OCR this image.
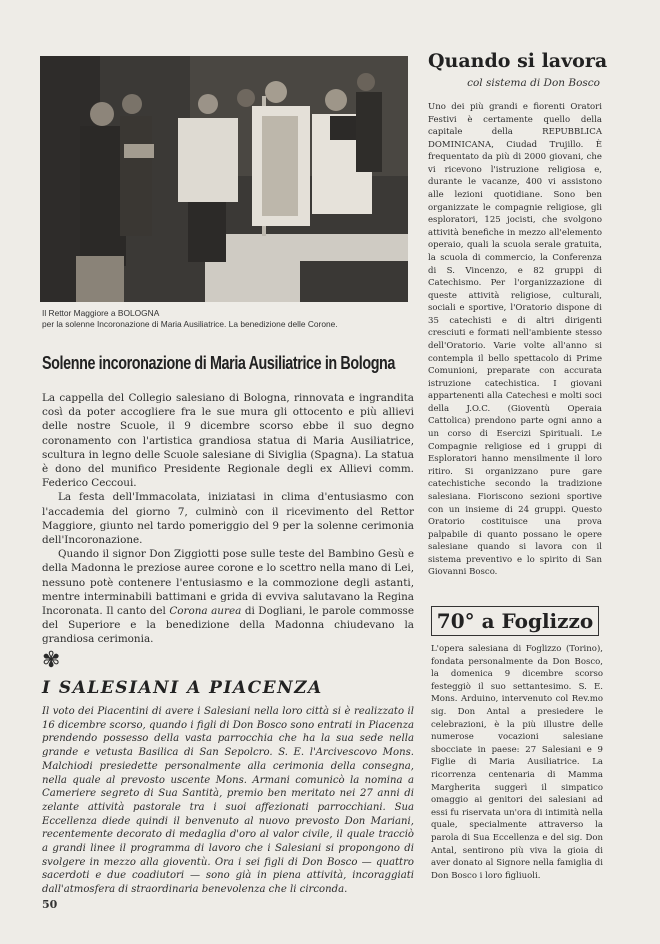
Il Rettor Maggiore a BOLOGNA
per la solenne Incoronazione di Maria Ausiliatrice. La benedizione delle Corone.
Solenne incoronazione di Maria Ausiliatrice in Bologna

La cappella del Collegio salesiano di Bologna, rinnovata e ingrandita così da poter accogliere fra le sue mura gli ottocento e più allievi delle nostre Scuole, il 9 dicembre scorso ebbe il suo degno coronamento con l'artistica grandiosa statua di Maria Ausiliatrice, scultura in legno delle Scuole salesiane di Siviglia (Spagna). La statua è dono del munifico Presidente Regionale degli ex Allievi comm. Federico Ceccoui.

La festa dell'Immacolata, iniziatasi in clima d'entusiasmo con l'accademia del giorno 7, culminò con il ricevimento del Rettor Maggiore, giunto nel tardo pomeriggio del 9 per la solenne cerimonia dell'Incoronazione.

Quando il signor Don Ziggiotti pose sulle teste del Bambino Gesù e della Madonna le preziose auree corone e lo scettro nella mano di Lei, nessuno potè contenere l'entusiasmo e la commozione degli astanti, mentre interminabili battimani e grida di evviva salutavano la Regina Incoronata. Il canto del Corona aurea di Dogliani, le parole commosse del Superiore e la benedizione della Madonna chiudevano la grandiosa cerimonia.

✾
I SALESIANI A PIACENZA

Il voto dei Piacentini di avere i Salesiani nella loro città si è realizzato il 16 dicembre scorso, quando i figli di Don Bosco sono entrati in Piacenza prendendo possesso della vasta parrocchia che ha la sua sede nella grande e vetusta Basilica di San Sepolcro. S. E. l'Arcivescovo Mons. Malchiodi presiedette personalmente alla cerimonia della consegna, nella quale al prevosto uscente Mons. Armani comunicò la nomina a Cameriere segreto di Sua Santità, premio ben meritato nei 27 anni di zelante attività pastorale tra i suoi affezionati parrocchiani. Sua Eccellenza diede quindi il benvenuto al nuovo prevosto Don Mariani, recentemente decorato di medaglia d'oro al valor civile, il quale tracciò a grandi linee il programma di lavoro che i Salesiani si propongono di svolgere in mezzo alla gioventù. Ora i sei figli di Don Bosco — quattro sacerdoti e due coadiutori — sono già in piena attività, incoraggiati dall'atmosfera di straordinaria benevolenza che li circonda.

50
Quando si lavora
col sistema di Don Bosco

Uno dei più grandi e fiorenti Oratori Festivi è certamente quello della capitale della REPUBBLICA DOMINICANA, Ciudad Trujillo. È frequentato da più di 2000 giovani, che vi ricevono l'istruzione religiosa e, durante le vacanze, 400 vi assistono alle lezioni quotidiane. Sono ben organizzate le compagnie religiose, gli esploratori, 125 jocisti, che svolgono attività benefiche in mezzo all'elemento operaio, quali la scuola serale gratuita, la scuola di commercio, la Conferenza di S. Vincenzo, e 82 gruppi di Catechismo. Per l'organizzazione di queste attività religiose, culturali, sociali e sportive, l'Oratorio dispone di 35 catechisti e di altri dirigenti cresciuti e formati nell'ambiente stesso dell'Oratorio. Varie volte all'anno si contempla il bello spettacolo di Prime Comunioni, preparate con accurata istruzione catechistica. I giovani appartenenti alla Catechesi e molti soci della J.O.C. (Gioventù Operaia Cattolica) prendono parte ogni anno a un corso di Esercizi Spirituali. Le Compagnie religiose ed i gruppi di Esploratori hanno mensilmente il loro ritiro. Si organizzano pure gare catechistiche secondo la tradizione salesiana. Fioriscono sezioni sportive con un insieme di 24 gruppi. Questo Oratorio costituisce una prova palpabile di quanto possano le opere salesiane quando si lavora con il sistema preventivo e lo spirito di San Giovanni Bosco.

70° a Foglizzo

L'opera salesiana di Foglizzo (Torino), fondata personalmente da Don Bosco, la domenica 9 dicembre scorso festeggiò il suo settantesimo. S. E. Mons. Arduino, intervenuto col Rev.mo sig. Don Antal a presiedere le celebrazioni, è la più illustre delle numerose vocazioni salesiane sbocciate in paese: 27 Salesiani e 9 Figlie di Maria Ausiliatrice. La ricorrenza centenaria di Mamma Margherita suggerì il simpatico omaggio ai genitori dei salesiani ad essi fu riservata un'ora di intimità nella quale, specialmente attraverso la parola di Sua Eccellenza e del sig. Don Antal, sentirono più viva la gioia di aver donato al Signore nella famiglia di Don Bosco i loro figliuoli.
